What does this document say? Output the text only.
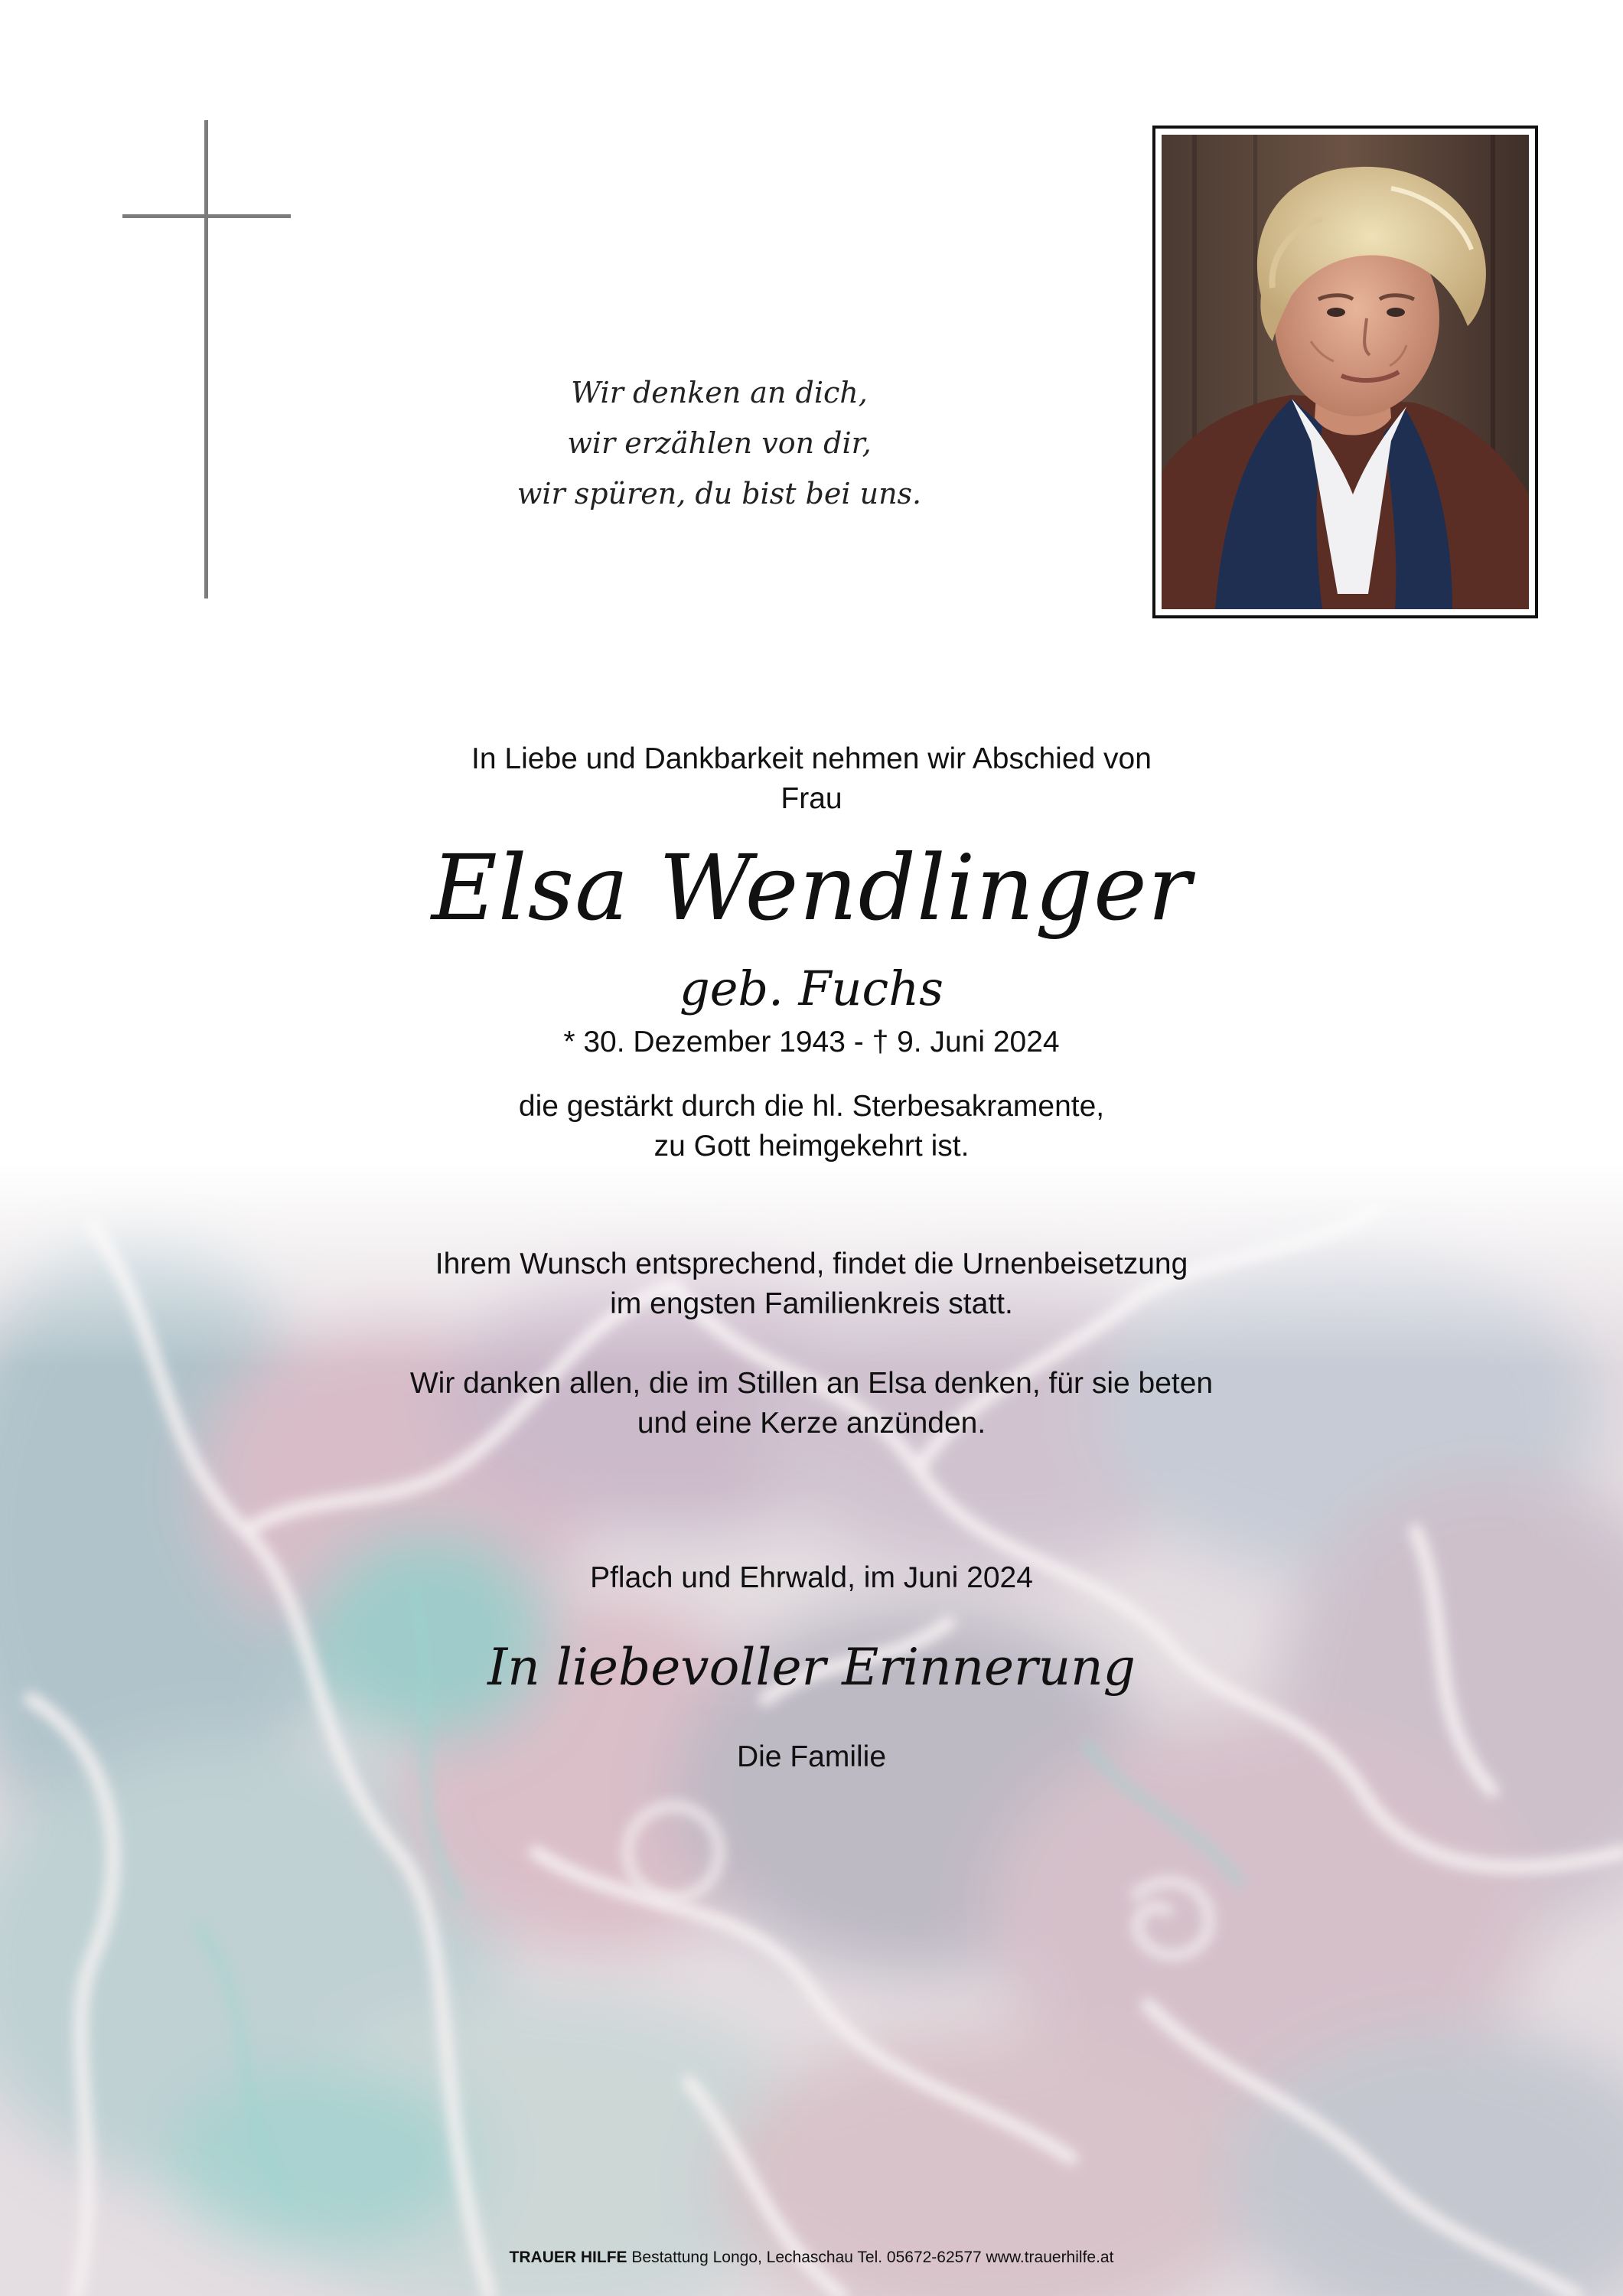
Wir denken an dich,
wir erzählen von dir,
wir spüren, du bist bei uns.
In Liebe und Dankbarkeit nehmen wir Abschied von
Frau
Elsa Wendlinger
geb. Fuchs
* 30. Dezember 1943 - † 9. Juni 2024
die gestärkt durch die hl. Sterbesakramente,
zu Gott heimgekehrt ist.
Ihrem Wunsch entsprechend, findet die Urnenbeisetzung
im engsten Familienkreis statt.
Wir danken allen, die im Stillen an Elsa denken, für sie beten
und eine Kerze anzünden.
Pflach und Ehrwald, im Juni 2024
In liebevoller Erinnerung
Die Familie
TRAUER HILFE Bestattung Longo, Lechaschau Tel. 05672-62577 www.trauerhilfe.at
